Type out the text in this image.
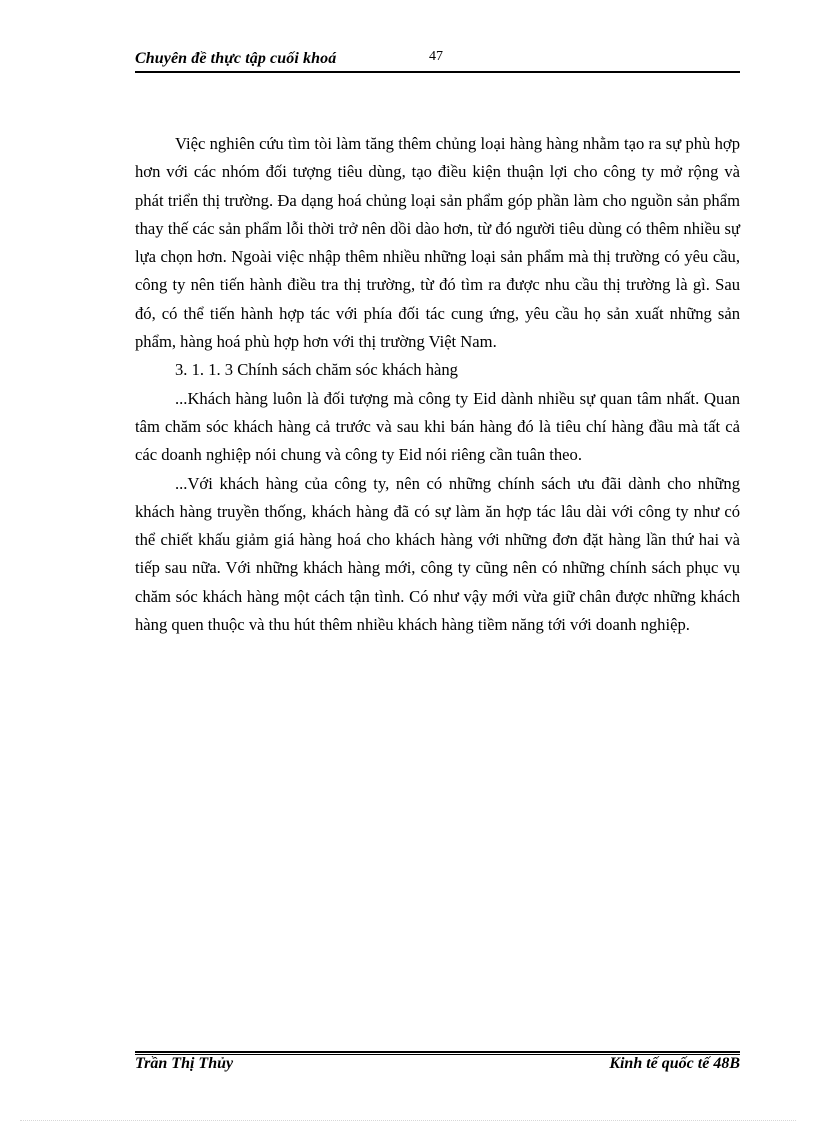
Chuyên đề thực tập cuối khoá	47

Việc nghiên cứu tìm tòi làm tăng thêm chủng loại hàng hàng nhằm tạo ra sự phù hợp hơn với các nhóm đối tượng tiêu dùng, tạo điều kiện thuận lợi cho công ty mở rộng và phát triển thị trường. Đa dạng hoá chủng loại sản phẩm góp phần làm cho nguồn sản phẩm thay thế các sản phẩm lỗi thời trở nên dồi dào hơn, từ đó người tiêu dùng có thêm nhiều sự lựa chọn hơn. Ngoài việc nhập thêm nhiều những loại sản phẩm mà thị trường có yêu cầu, công ty nên tiến hành điều tra thị trường, từ đó tìm ra được nhu cầu thị trường là gì. Sau đó, có thể tiến hành hợp tác với phía đối tác cung ứng, yêu cầu họ sản xuất những sản phẩm, hàng hoá phù hợp hơn với thị trường Việt Nam.

3. 1. 1. 3 Chính sách chăm sóc khách hàng

...Khách hàng luôn là đối tượng mà công ty Eid dành nhiều sự quan tâm nhất. Quan tâm chăm sóc khách hàng cả trước và sau khi bán hàng đó là tiêu chí hàng đầu mà tất cả các doanh nghiệp nói chung và công ty Eid nói riêng cần tuân theo.

...Với khách hàng của công ty, nên có những chính sách ưu đãi dành cho những khách hàng truyền thống, khách hàng đã có sự làm ăn hợp tác lâu dài với công ty như có thể chiết khấu giảm giá hàng hoá cho khách hàng với những đơn đặt hàng lần thứ hai và tiếp sau nữa. Với những khách hàng mới, công ty cũng nên có những chính sách phục vụ chăm sóc khách hàng một cách tận tình. Có như vậy mới vừa giữ chân được những khách hàng quen thuộc và thu hút thêm nhiều khách hàng tiềm năng tới với doanh nghiệp.

Trần Thị Thủy	Kinh tế quốc tế 48B
